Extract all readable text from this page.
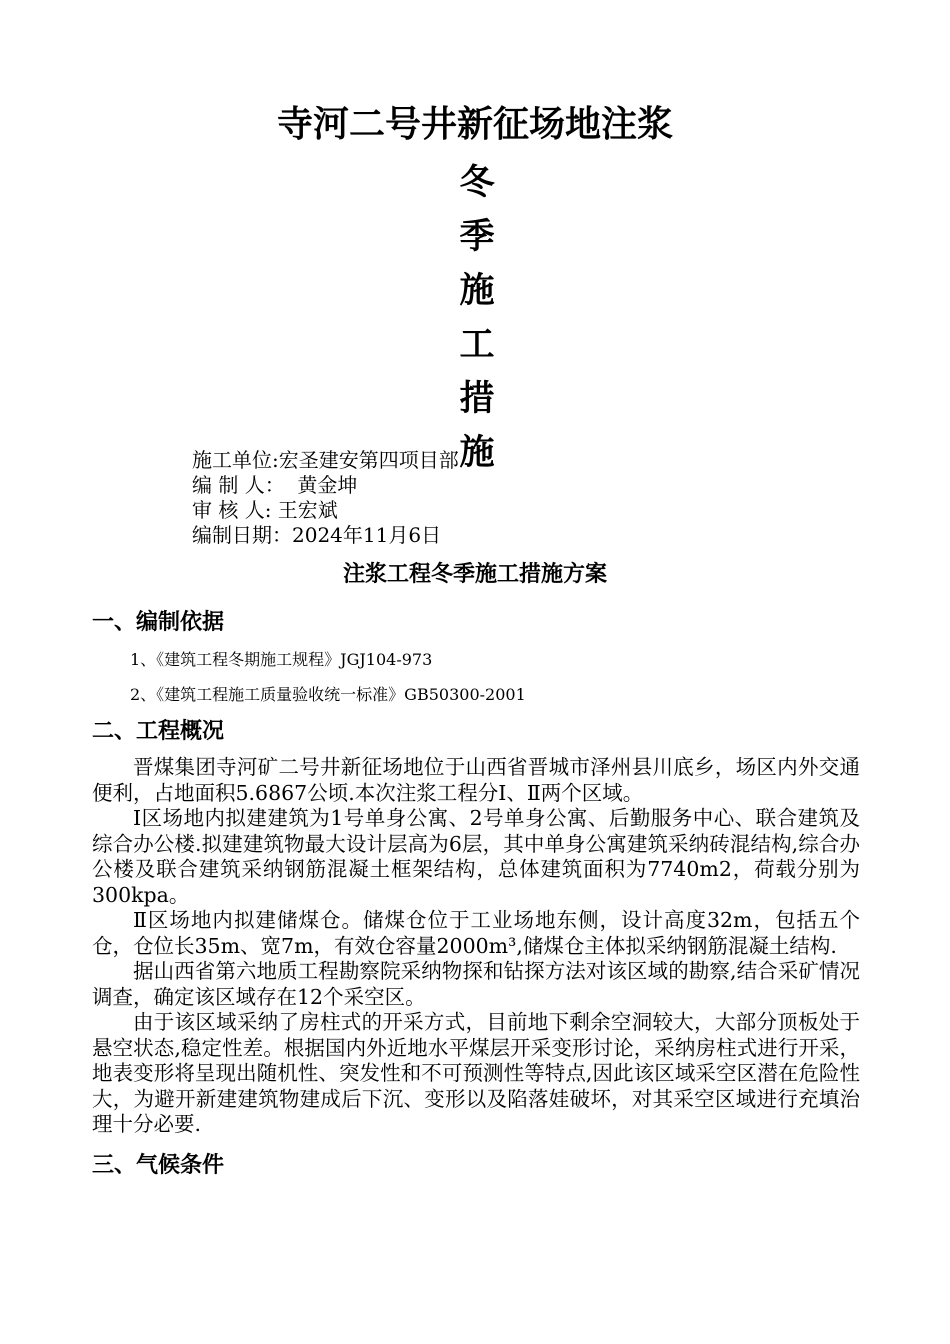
寺河二号井新征场地注浆
冬
季
施
工
措
施
施工单位:宏圣建安第四项目部
编 制 人：  黄金坤
审 核 人: 王宏斌
编制日期：2024年11月6日
注浆工程冬季施工措施方案
一、编制依据
1、《建筑工程冬期施工规程》JGJ104-973
2、《建筑工程施工质量验收统一标准》GB50300-2001
二、工程概况

晋煤集团寺河矿二号井新征场地位于山西省晋城市泽州县川底乡，场区内外交通便利，占地面积5.6867公顷.本次注浆工程分Ⅰ、Ⅱ两个区域。

Ⅰ区场地内拟建建筑为1号单身公寓、2号单身公寓、后勤服务中心、联合建筑及综合办公楼.拟建建筑物最大设计层高为6层，其中单身公寓建筑采纳砖混结构,综合办公楼及联合建筑采纳钢筋混凝土框架结构，总体建筑面积为7740m2，荷载分别为300kpa。

Ⅱ区场地内拟建储煤仓。储煤仓位于工业场地东侧，设计高度32m，包括五个仓，仓位长35m、宽7m，有效仓容量2000m³,储煤仓主体拟采纳钢筋混凝土结构.

据山西省第六地质工程勘察院采纳物探和钻探方法对该区域的勘察,结合采矿情况调查，确定该区域存在12个采空区。

由于该区域采纳了房柱式的开采方式，目前地下剩余空洞较大，大部分顶板处于悬空状态,稳定性差。根据国内外近地水平煤层开采变形讨论，采纳房柱式进行开采，地表变形将呈现出随机性、突发性和不可预测性等特点,因此该区域采空区潜在危险性大，为避开新建建筑物建成后下沉、变形以及陷落娃破坏，对其采空区域进行充填治理十分必要.

三、气候条件
